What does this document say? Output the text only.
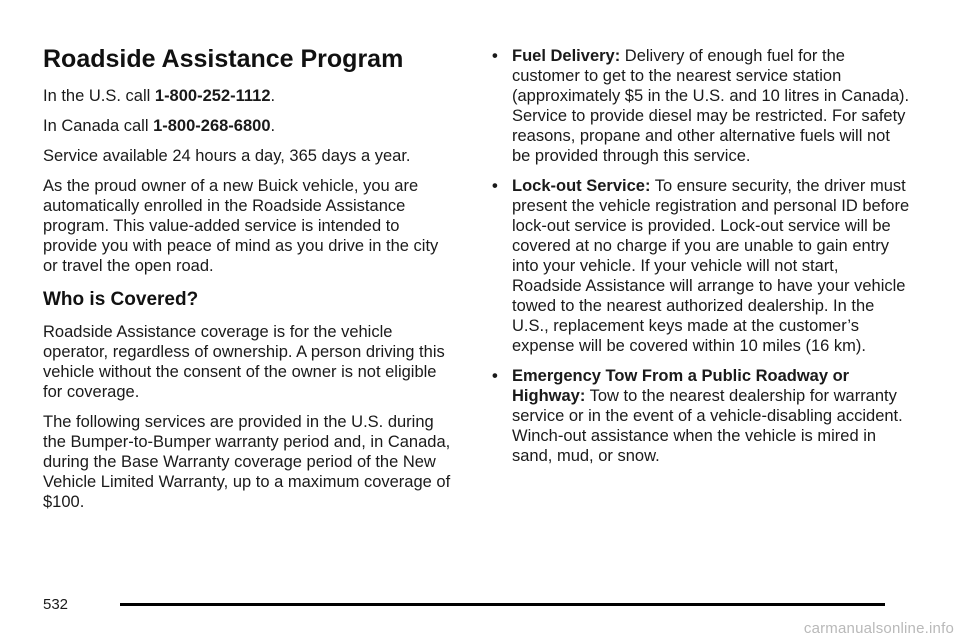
Roadside Assistance Program

In the U.S. call 1-800-252-1112.

In Canada call 1-800-268-6800.

Service available 24 hours a day, 365 days a year.

As the proud owner of a new Buick vehicle, you are automatically enrolled in the Roadside Assistance program. This value-added service is intended to provide you with peace of mind as you drive in the city or travel the open road.

Who is Covered?

Roadside Assistance coverage is for the vehicle operator, regardless of ownership. A person driving this vehicle without the consent of the owner is not eligible for coverage.

The following services are provided in the U.S. during the Bumper-to-Bumper warranty period and, in Canada, during the Base Warranty coverage period of the New Vehicle Limited Warranty, up to a maximum coverage of $100.

• Fuel Delivery: Delivery of enough fuel for the customer to get to the nearest service station (approximately $5 in the U.S. and 10 litres in Canada). Service to provide diesel may be restricted. For safety reasons, propane and other alternative fuels will not be provided through this service.
• Lock-out Service: To ensure security, the driver must present the vehicle registration and personal ID before lock-out service is provided. Lock-out service will be covered at no charge if you are unable to gain entry into your vehicle. If your vehicle will not start, Roadside Assistance will arrange to have your vehicle towed to the nearest authorized dealership. In the U.S., replacement keys made at the customer’s expense will be covered within 10 miles (16 km).
• Emergency Tow From a Public Roadway or Highway: Tow to the nearest dealership for warranty service or in the event of a vehicle-disabling accident. Winch-out assistance when the vehicle is mired in sand, mud, or snow.
532
carmanualsonline.info
